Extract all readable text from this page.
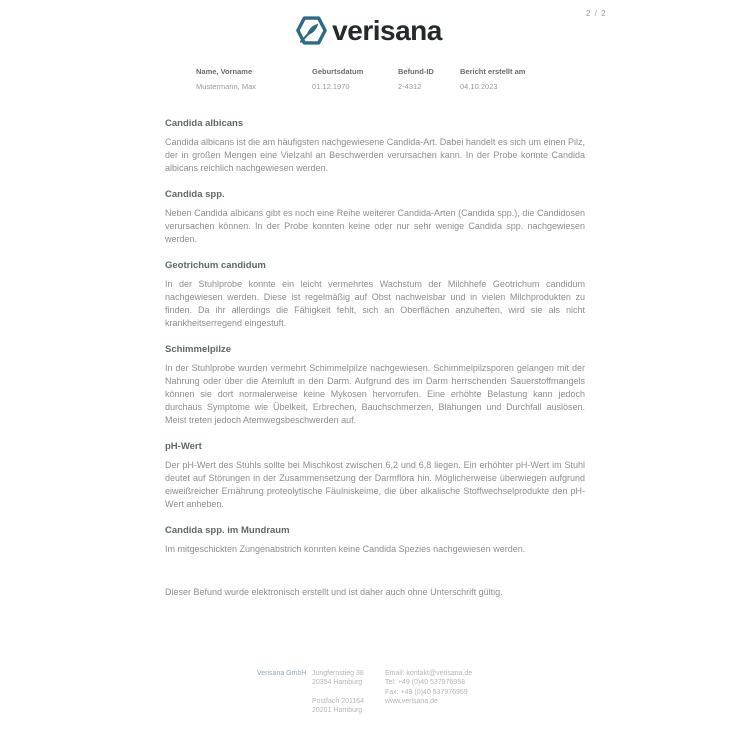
2 / 2
verisana
Name, Vorname
Mustermann, Max
Geburtsdatum
01.12.1970
Befund-ID
2-4312
Bericht erstellt am
04.10.2023
Candida albicans

Candida albicans ist die am häufigsten nachgewiesene Candida-Art. Dabei handelt es sich um einen Pilz, der in großen Mengen eine Vielzahl an Beschwerden verursachen kann. In der Probe konnte Candida albicans reichlich nachgewiesen werden.

Candida spp.

Neben Candida albicans gibt es noch eine Reihe weiterer Candida-Arten (Candida spp.), die Candidosen verursachen können. In der Probe konnten keine oder nur sehr wenige Candida spp. nachgewiesen werden.

Geotrichum candidum

In der Stuhlprobe konnte ein leicht vermehrtes Wachstum der Milchhefe Geotrichum candidum nachgewiesen werden. Diese ist regelmäßig auf Obst nachweisbar und in vielen Milchprodukten zu finden. Da ihr allerdings die Fähigkeit fehlt, sich an Oberflächen anzuheften, wird sie als nicht krankheitserregend eingestuft.

Schimmelpilze

In der Stuhlprobe wurden vermehrt Schimmelpilze nachgewiesen. Schimmelpilzsporen gelangen mit der Nahrung oder über die Atemluft in den Darm. Aufgrund des im Darm herrschenden Sauerstoffmangels können sie dort normalerweise keine Mykosen hervorrufen. Eine erhöhte Belastung kann jedoch durchaus Symptome wie Übelkeit, Erbrechen, Bauchschmerzen, Blähungen und Durchfall auslösen. Meist treten jedoch Atemwegsbeschwerden auf.

pH-Wert

Der pH-Wert des Stuhls sollte bei Mischkost zwischen 6,2 und 6,8 liegen. Ein erhöhter pH-Wert im Stuhl deutet auf Störungen in der Zusammensetzung der Darmflora hin. Möglicherweise überwiegen aufgrund eiweißreicher Ernährung proteolytische Fäulniskeime, die über alkalische Stoffwechselprodukte den pH-Wert anheben.

Candida spp. im Mundraum

Im mitgeschickten Zungenabstrich konnten keine Candida Spezies nachgewiesen werden.

Dieser Befund wurde elektronisch erstellt und ist daher auch ohne Unterschrift gültig.

Verisana GmbH Jungfernstieg 38
20354 Hamburg
Postfach 201164
20201 Hamburg
Email: kontakt@verisana.de
Tel: +49 (0)40 537976958
Fax: +49 (0)40 537976959
www.verisana.de
